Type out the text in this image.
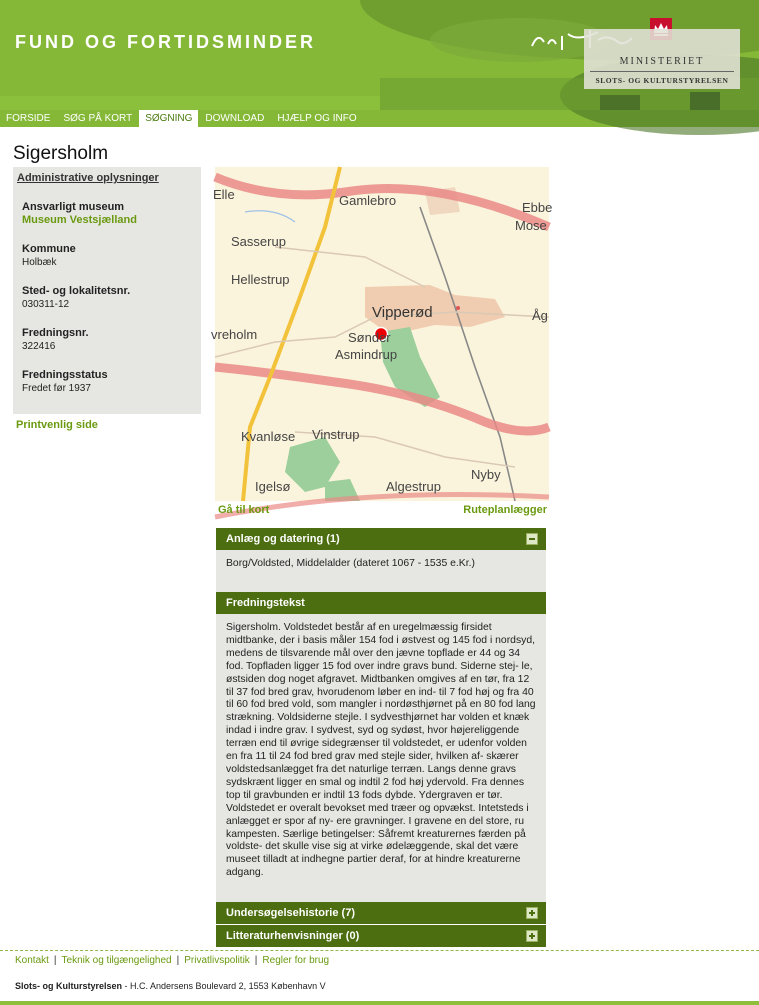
FUND OG FORTIDSMINDER
MINISTERIET
SLOTS- OG KULTURSTYRELSEN
FORSIDE	SØG PÅ KORT	SØGNING	DOWNLOAD	HJÆLP OG INFO
Sigersholm
Administrative oplysninger
Ansvarligt museum
Museum Vestsjælland
Kommune
Holbæk
Sted- og lokalitetsnr.
030311-12
Fredningsnr.
322416
Fredningsstatus
Fredet før 1937
Printvenlig side
Elle	Gamlebro	Ebbe
Mose
Sasserup
Hellestrup
Vipperød	Åg
vreholm	Sønder
Asmindrup
Kvanløse Vinstrup
Nyby
Igelsø	Algestrup
Gå til kort	Ruteplanlægger
Anlæg og datering (1)
Borg/Voldsted, Middelalder (dateret 1067 - 1535 e.Kr.)
Fredningstekst
Sigersholm. Voldstedet består af en uregelmæssig firsidet midtbanke, der i basis måler 154 fod i østvest og 145 fod i nordsyd, medens de tilsvarende mål over den jævne topflade er 44 og 34 fod. Topfladen ligger 15 fod over indre gravs bund. Siderne stej- le, østsiden dog noget afgravet. Midtbanken omgives af en tør, fra 12 til 37 fod bred grav, hvorudenom løber en ind- til 7 fod høj og fra 40 til 60 fod bred vold, som mangler i nordøsthjørnet på en 80 fod lang strækning. Voldsiderne stejle. I sydvesthjørnet har volden et knæk indad i indre grav. I sydvest, syd og sydøst, hvor højereliggende terræn end til øvrige sidegrænser til voldstedet, er udenfor volden en fra 11 til 24 fod bred grav med stejle sider, hvilken af- skærer voldstedsanlægget fra det naturlige terræn. Langs denne gravs sydskrænt ligger en smal og indtil 2 fod høj ydervold. Fra dennes top til gravbunden er indtil 13 fods dybde. Ydergraven er tør. Voldstedet er overalt bevokset med træer og opvækst. Intetsteds i anlægget er spor af ny- ere gravninger. I gravene en del store, ru kampesten. Særlige betingelser: Såfremt kreaturernes færden på voldste- det skulle vise sig at virke ødelæggende, skal det være museet tilladt at indhegne partier deraf, for at hindre kreaturerne adgang.
Undersøgelsehistorie (7)
Litteraturhenvisninger (0)
Kontakt | Teknik og tilgængelighed | Privatlivspolitik | Regler for brug
Slots- og Kulturstyrelsen - H.C. Andersens Boulevard 2, 1553 København V
